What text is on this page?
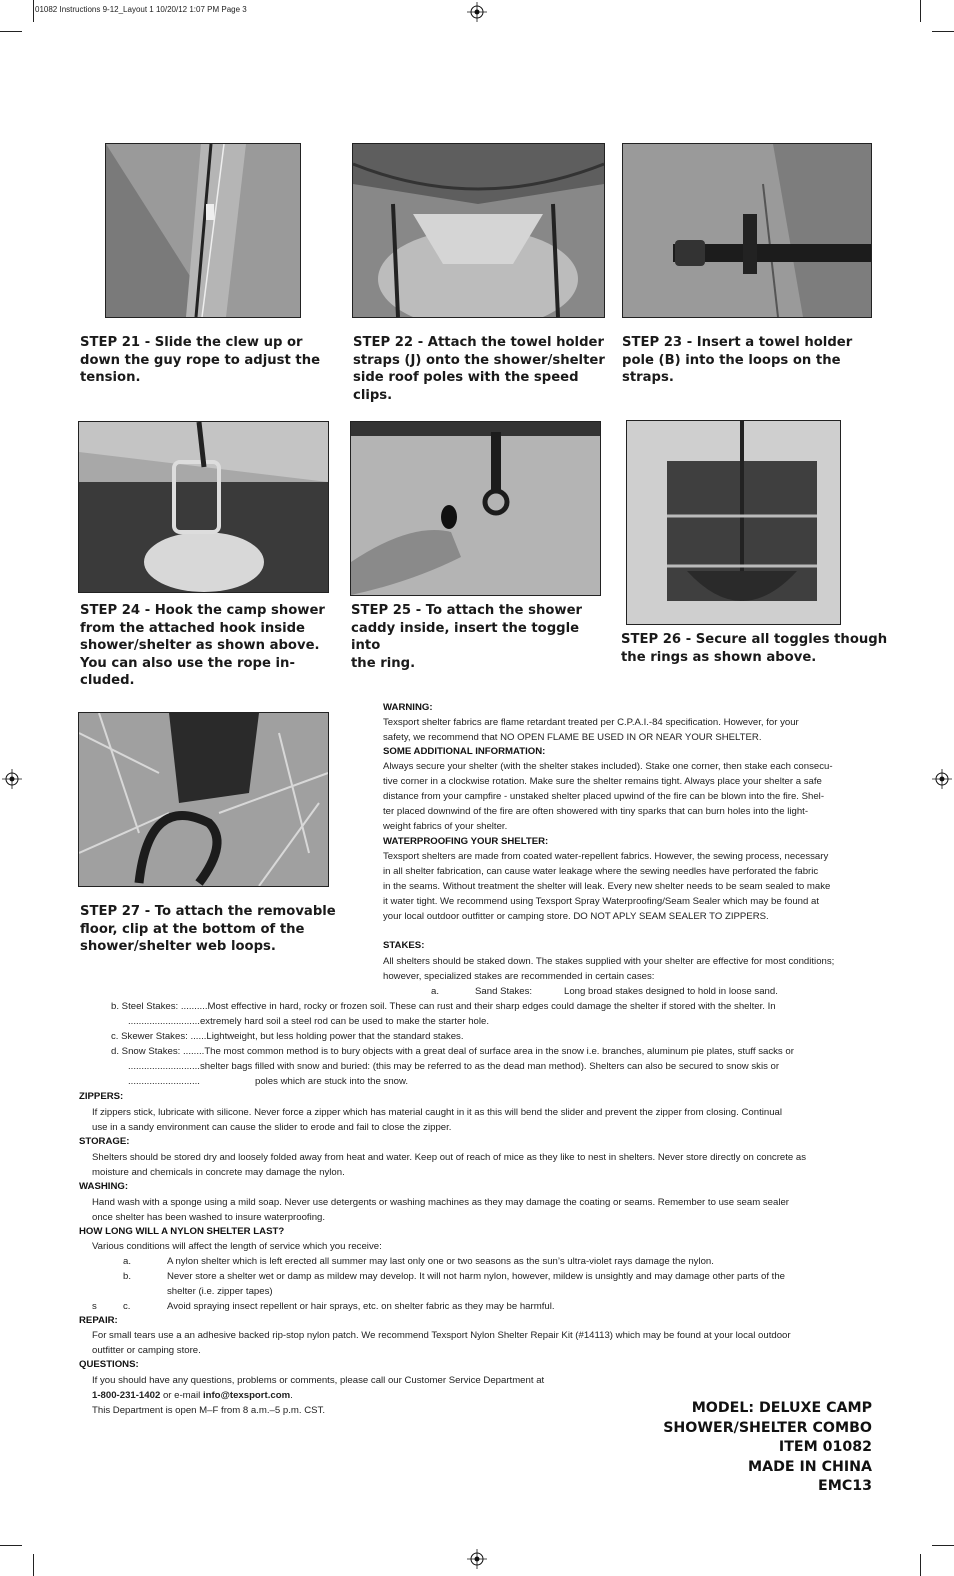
01082 Instructions 9-12_Layout 1 10/20/12 1:07 PM Page 3
STEP 21 - Slide the clew up or
down the guy rope to adjust the
tension.
STEP 22 - Attach the towel holder
straps (J) onto the shower/shelter
side roof poles with the speed
clips.
STEP 23 - Insert a towel holder
pole (B) into the loops on the
straps.
STEP 24 - Hook the camp shower
from the attached hook inside
shower/shelter as shown above.
You can also use the rope in-
cluded.
STEP 25 - To attach the shower
caddy inside, insert the toggle into
the ring.
STEP 26 - Secure all toggles though
the rings as shown above.
STEP 27 - To attach the removable
floor, clip at the bottom of the
shower/shelter web loops.
WARNING:
Texsport shelter fabrics are flame retardant treated per C.P.A.I.-84 specification. However, for your
safety, we recommend that NO OPEN FLAME BE USED IN OR NEAR YOUR SHELTER.
SOME ADDITIONAL INFORMATION:
Always secure your shelter (with the shelter stakes included). Stake one corner, then stake each consecu-
tive corner in a clockwise rotation. Make sure the shelter remains tight. Always place your shelter a safe
distance from your campfire - unstaked shelter placed upwind of the fire can be blown into the fire. Shel-
ter placed downwind of the fire are often showered with tiny sparks that can burn holes into the light-
weight fabrics of your shelter.
WATERPROOFING YOUR SHELTER:
Texsport shelters are made from coated water-repellent fabrics. However, the sewing process, necessary
in all shelter fabrication, can cause water leakage where the sewing needles have perforated the fabric
in the seams. Without treatment the shelter will leak. Every new shelter needs to be seam sealed to make
it water tight. We recommend using Texsport Spray Waterproofing/Seam Sealer which may be found at
your local outdoor outfitter or camping store. DO NOT APLY SEAM SEALER TO ZIPPERS.
STAKES:
All shelters should be staked down. The stakes supplied with your shelter are effective for most conditions;
however, specialized stakes are recommended in certain cases:
a.	Sand Stakes:	Long broad stakes designed to hold in loose sand.
b. Steel Stakes: ..........Most effective in hard, rocky or frozen soil. These can rust and their sharp edges could damage the shelter if stored with the shelter. In
...........................extremely hard soil a steel rod can be used to make the starter hole.
c. Skewer Stakes: ......Lightweight, but less holding power that the standard stakes.
d. Snow Stakes: ........The most common method is to bury objects with a great deal of surface area in the snow i.e. branches, aluminum pie plates, stuff sacks or
...........................shelter bags filled with snow and buried: (this may be referred to as the dead man method). Shelters can also be secured to snow skis or
...........................	poles which are stuck into the snow.
ZIPPERS:
If zippers stick, lubricate with silicone. Never force a zipper which has material caught in it as this will bend the slider and prevent the zipper from closing. Continual
use in a sandy environment can cause the slider to erode and fail to close the zipper.
STORAGE:
Shelters should be stored dry and loosely folded away from heat and water. Keep out of reach of mice as they like to nest in shelters. Never store directly on concrete as
moisture and chemicals in concrete may damage the nylon.
WASHING:
Hand wash with a sponge using a mild soap. Never use detergents or washing machines as they may damage the coating or seams. Remember to use seam sealer
once shelter has been washed to insure waterproofing.
HOW LONG WILL A NYLON SHELTER LAST?
Various conditions will affect the length of service which you receive:
a.	A nylon shelter which is left erected all summer may last only one or two seasons as the sun’s ultra-violet rays damage the nylon.
b.	Never store a shelter wet or damp as mildew may develop. It will not harm nylon, however, mildew is unsightly and may damage other parts of the
shelter (i.e. zipper tapes)
s	c.	Avoid spraying insect repellent or hair sprays, etc. on shelter fabric as they may be harmful.
REPAIR:
For small tears use a an adhesive backed rip-stop nylon patch. We recommend Texsport Nylon Shelter Repair Kit (#14113) which may be found at your local outdoor
outfitter or camping store.
QUESTIONS:
If you should have any questions, problems or comments, please call our Customer Service Department at
1-800-231-1402 or e-mail info@texsport.com.
This Department is open M–F from 8 a.m.–5 p.m. CST.	MODEL: DELUXE CAMP
SHOWER/SHELTER COMBO
ITEM 01082
MADE IN CHINA
EMC13
